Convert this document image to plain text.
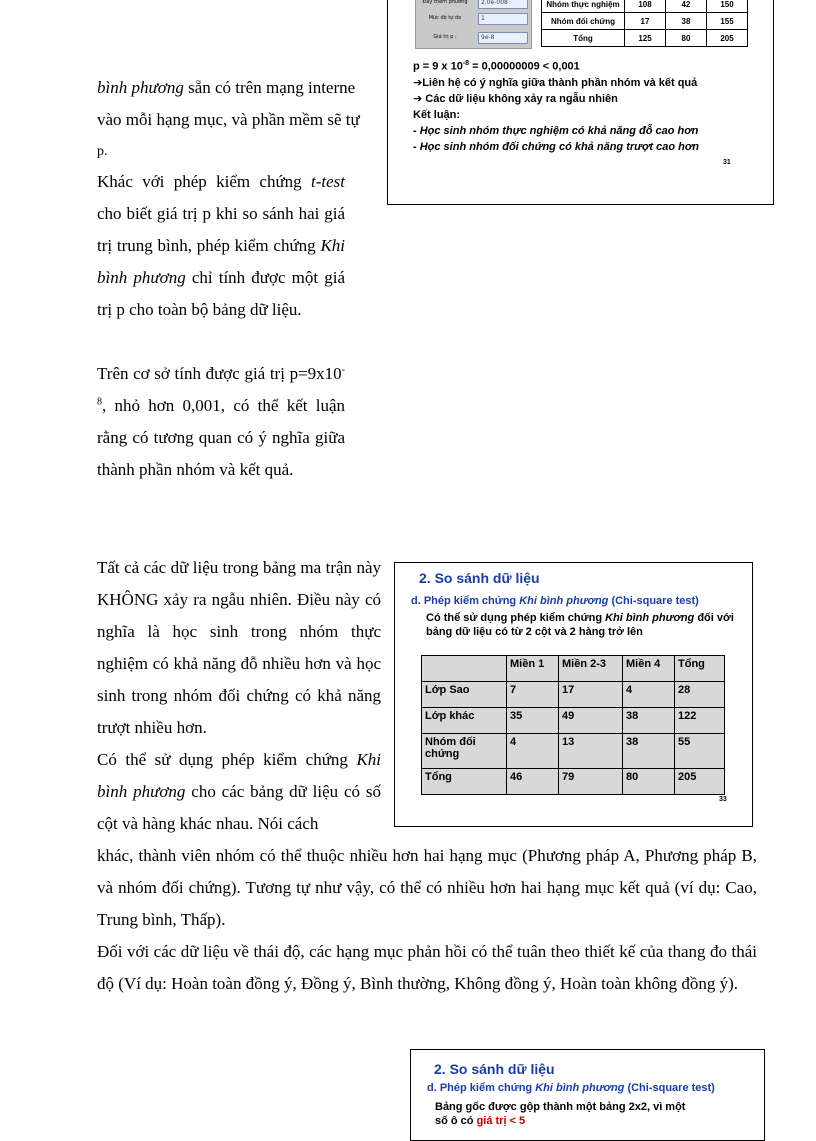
Đây thêm phương	2.0e-008
Mức độ tự do	1
Giá trị p :	9e-8
Nhóm thực nghiệm	108	42	150
Nhóm đối chứng	17	38	155
Tổng	125	80	205
p = 9 x $10^{-8} = 0,00000009 < 0,001$
➔Liên hệ có ý nghĩa giữa thành phần nhóm và kết quả
➔ Các dữ liệu không xảy ra ngẫu nhiên
Kết luận:
- Học sinh nhóm thực nghiệm có khả năng đỗ cao hơn
- Học sinh nhóm đối chứng có khả năng trượt cao hơn
31
bình phương sẵn có trên mạng interne
vào mỗi hạng mục, và phần mềm sẽ tự
p.
Khác với phép kiểm chứng t-test cho biết giá trị p khi so sánh hai giá trị trung bình, phép kiểm chứng Khi bình phương chỉ tính được một giá trị p cho toàn bộ bảng dữ liệu.
Trên cơ sở tính được giá trị $p=9x10^{-8}$, nhỏ hơn 0,001, có thể kết luận rằng có tương quan có ý nghĩa giữa thành phần nhóm và kết quả.
Tất cả các dữ liệu trong bảng ma trận này KHÔNG xảy ra ngẫu nhiên. Điều này có nghĩa là học sinh trong nhóm thực nghiệm có khả năng đỗ nhiều hơn và học sinh trong nhóm đối chứng có khả năng trượt nhiều hơn.
Có thể sử dụng phép kiểm chứng Khi bình phương cho các bảng dữ liệu có số cột và hàng khác nhau. Nói cách
khác, thành viên nhóm có thể thuộc nhiều hơn hai hạng mục (Phương pháp A, Phương pháp B, và nhóm đối chứng). Tương tự như vậy, có thể có nhiều hơn hai hạng mục kết quả (ví dụ: Cao, Trung bình, Thấp).
Đối với các dữ liệu về thái độ, các hạng mục phản hồi có thể tuân theo thiết kế của thang đo thái độ (Ví dụ: Hoàn toàn đồng ý, Đồng ý, Bình thường, Không đồng ý, Hoàn toàn không đồng ý).
2. So sánh dữ liệu
d. Phép kiểm chứng Khi bình phương (Chi-square test)
Có thể sử dụng phép kiểm chứng Khi bình phương đối với bảng dữ liệu có từ 2 cột và 2 hàng trở lên
	Miền 1	Miền 2-3	Miền 4	Tổng
Lớp Sao	7	17	4	28
Lớp khác	35	49	38	122
Nhóm đối chứng	4	13	38	55
Tổng	46	79	80	205
33
2. So sánh dữ liệu
d. Phép kiểm chứng Khi bình phương (Chi-square test)
Bảng gốc được gộp thành một bảng 2x2, vì một
số ô có giá trị < 5
